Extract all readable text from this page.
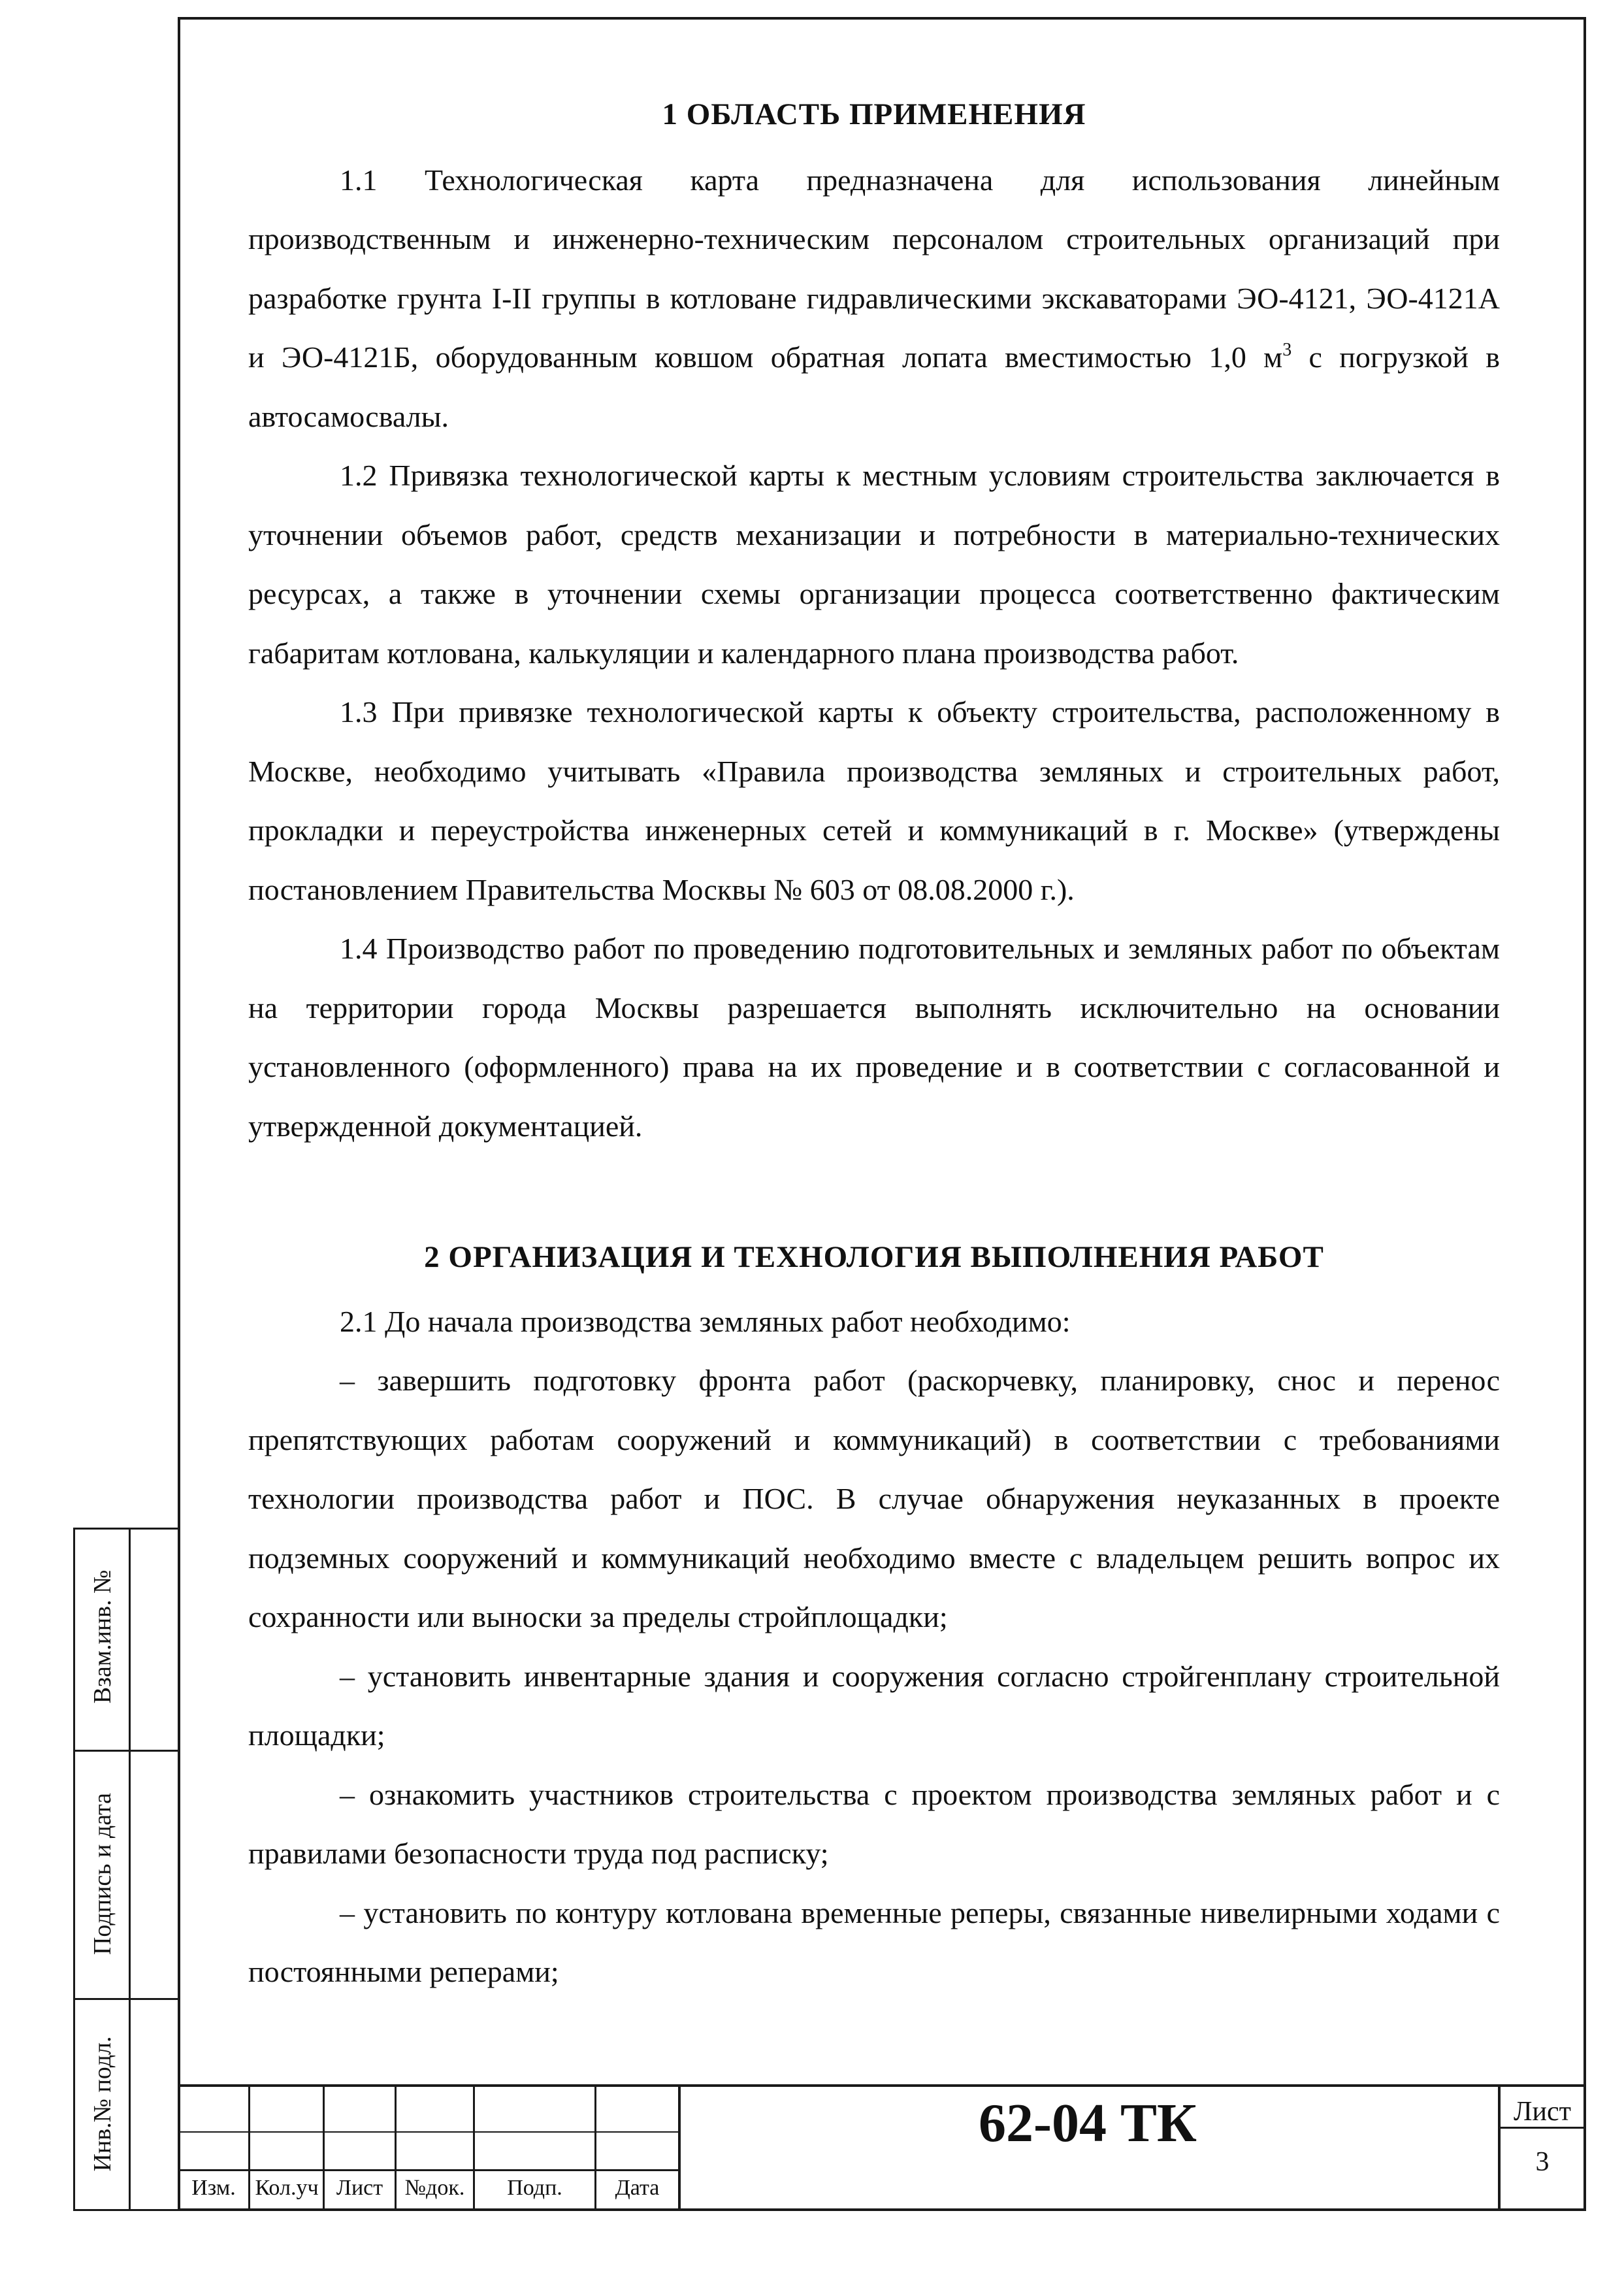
Взам.инв. №
Подпись и дата
Инв.№ подл.
1 ОБЛАСТЬ ПРИМЕНЕНИЯ

1.1 Технологическая карта предназначена для использования линейным производственным и инженерно-техническим персоналом строительных организаций при разработке грунта I-II группы в котловане гидравлическими экскаваторами ЭО-4121, ЭО-4121А и ЭО-4121Б, оборудованным ковшом обратная лопата вместимостью 1,0 $м^3$ с погрузкой в автосамосвалы.

1.2 Привязка технологической карты к местным условиям строительства заключается в уточнении объемов работ, средств механизации и потребности в материально-технических ресурсах, а также в уточнении схемы организации процесса соответственно фактическим габаритам котлована, калькуляции и календарного плана производства работ.

1.3 При привязке технологической карты к объекту строительства, расположенному в Москве, необходимо учитывать «Правила производства земляных и строительных работ, прокладки и переустройства инженерных сетей и коммуникаций в г. Москве» (утверждены постановлением Правительства Москвы № 603 от 08.08.2000 г.).

1.4 Производство работ по проведению подготовительных и земляных работ по объектам на территории города Москвы разрешается выполнять исключительно на основании установленного (оформленного) права на их проведение и в соответствии с согласованной и утвержденной документацией.

2 ОРГАНИЗАЦИЯ И ТЕХНОЛОГИЯ ВЫПОЛНЕНИЯ РАБОТ

2.1 До начала производства земляных работ необходимо:

– завершить подготовку фронта работ (раскорчевку, планировку, снос и перенос препятствующих работам сооружений и коммуникаций) в соответствии с требованиями технологии производства работ и ПОС. В случае обнаружения неуказанных в проекте подземных сооружений и коммуникаций необходимо вместе с владельцем решить вопрос их сохранности или выноски за пределы стройплощадки;

– установить инвентарные здания и сооружения согласно стройгенплану строительной площадки;

– ознакомить участников строительства с проектом производства земляных работ и с правилами безопасности труда под расписку;

– установить по контуру котлована временные реперы, связанные нивелирными ходами с постоянными реперами;

Изм. Кол.уч Лист №док.	Подп.	Дата
62-04 ТК	Лист
3
